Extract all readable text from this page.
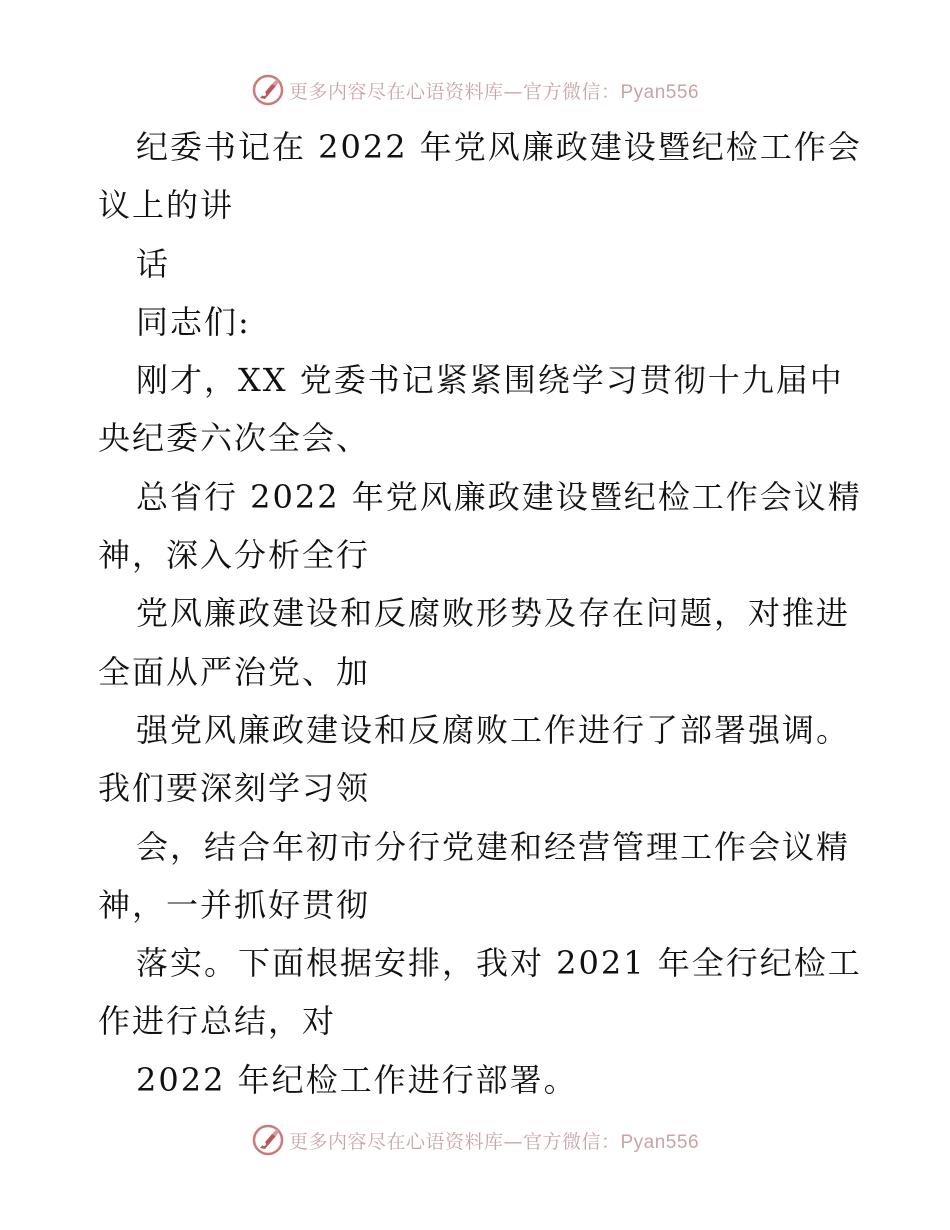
更多内容尽在心语资料库—官方微信：Pyan556
纪委书记在 2022 年党风廉政建设暨纪检工作会
议上的讲
话
同志们:
刚才，XX 党委书记紧紧围绕学习贯彻十九届中
央纪委六次全会、
总省行 2022 年党风廉政建设暨纪检工作会议精
神，深入分析全行
党风廉政建设和反腐败形势及存在问题，对推进
全面从严治党、加
强党风廉政建设和反腐败工作进行了部署强调。
我们要深刻学习领
会，结合年初市分行党建和经营管理工作会议精
神，一并抓好贯彻
落实。下面根据安排，我对 2021 年全行纪检工
作进行总结，对
2022 年纪检工作进行部署。
更多内容尽在心语资料库—官方微信：Pyan556
